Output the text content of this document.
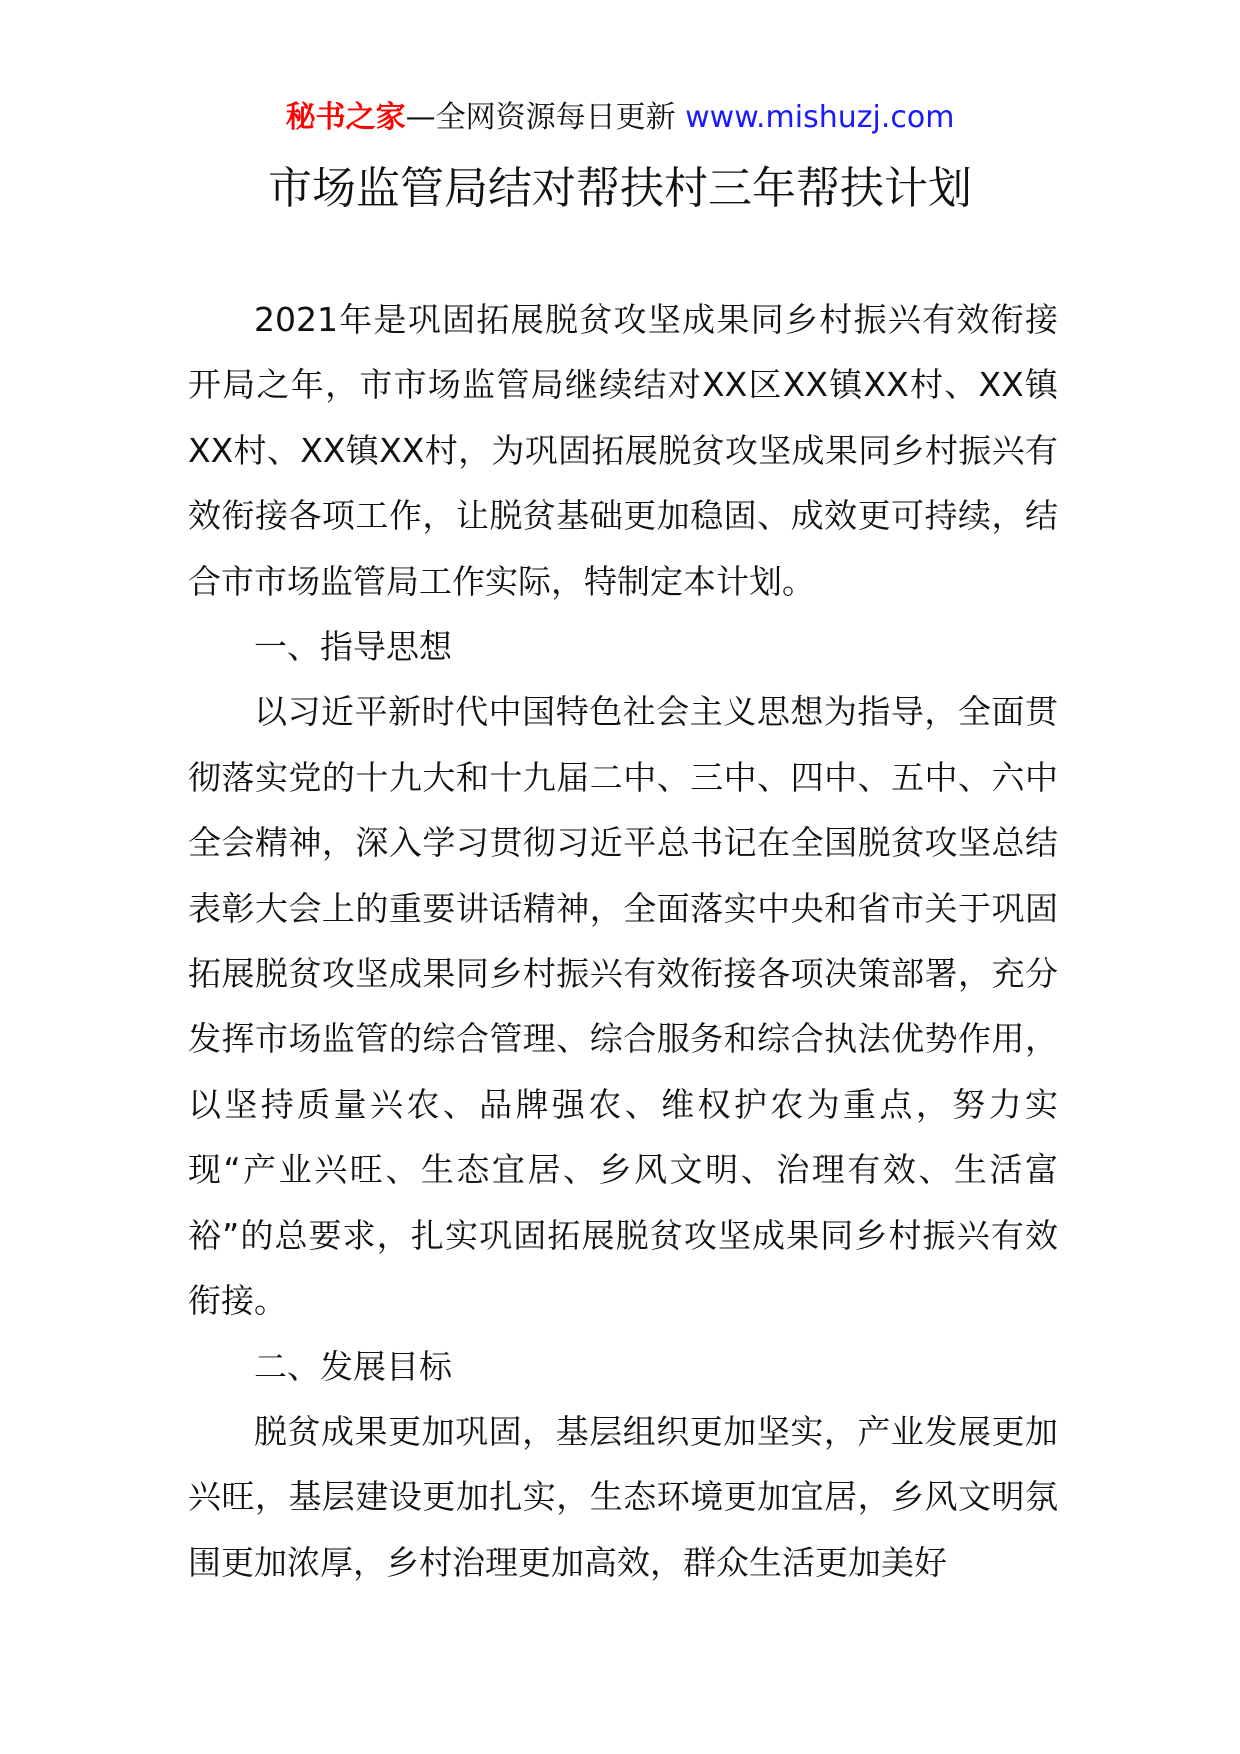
秘书之家—全网资源每日更新 www.mishuzj.com
市场监管局结对帮扶村三年帮扶计划

2021年是巩固拓展脱贫攻坚成果同乡村振兴有效衔接开局之年，市市场监管局继续结对XX区XX镇XX村、XX镇XX村、XX镇XX村，为巩固拓展脱贫攻坚成果同乡村振兴有效衔接各项工作，让脱贫基础更加稳固、成效更可持续，结合市市场监管局工作实际，特制定本计划。

一、指导思想

以习近平新时代中国特色社会主义思想为指导，全面贯彻落实党的十九大和十九届二中、三中、四中、五中、六中全会精神，深入学习贯彻习近平总书记在全国脱贫攻坚总结表彰大会上的重要讲话精神，全面落实中央和省市关于巩固拓展脱贫攻坚成果同乡村振兴有效衔接各项决策部署，充分发挥市场监管的综合管理、综合服务和综合执法优势作用，以坚持质量兴农、品牌强农、维权护农为重点，努力实现“产业兴旺、生态宜居、乡风文明、治理有效、生活富裕”的总要求，扎实巩固拓展脱贫攻坚成果同乡村振兴有效衔接。

二、发展目标

脱贫成果更加巩固，基层组织更加坚实，产业发展更加兴旺，基层建设更加扎实，生态环境更加宜居，乡风文明氛围更加浓厚，乡村治理更加高效，群众生活更加美好
